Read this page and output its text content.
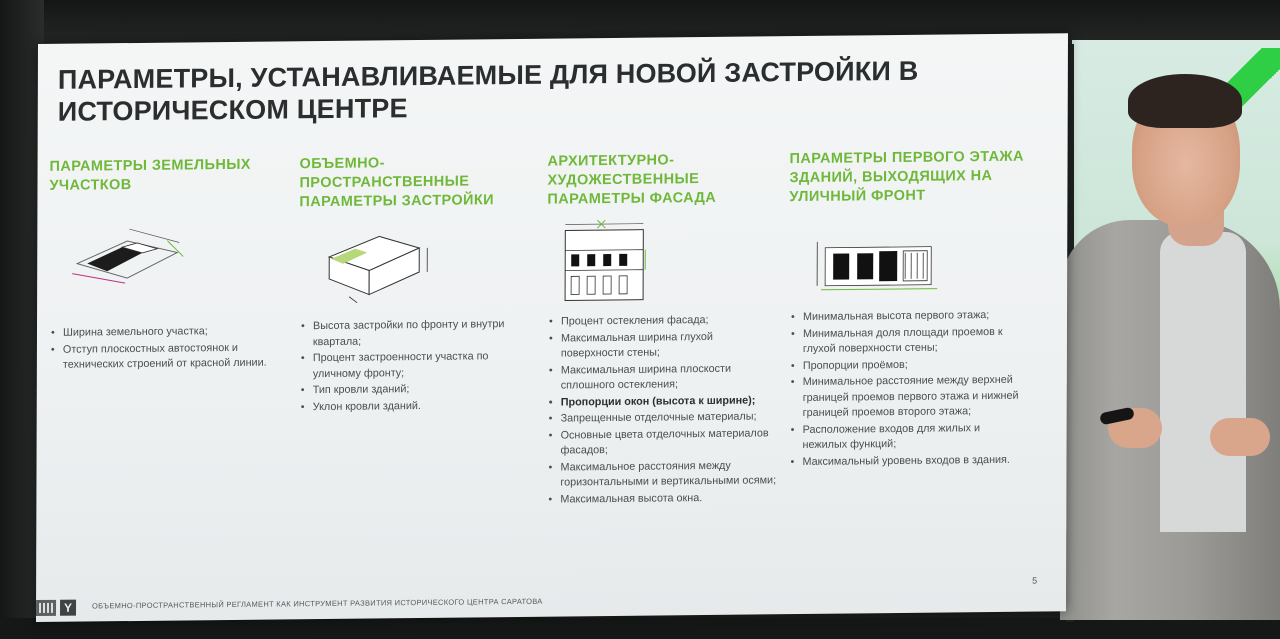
ПАРАМЕТРЫ, УСТАНАВЛИВАЕМЫЕ ДЛЯ НОВОЙ ЗАСТРОЙКИ В ИСТОРИЧЕСКОМ ЦЕНТРЕ

ПАРАМЕТРЫ ЗЕМЕЛЬНЫХ УЧАСТКОВ

• Ширина земельного участка;
• Отступ плоскостных автостоянок и технических строений от красной линии.

ОБЪЕМНО-ПРОСТРАНСТВЕННЫЕ ПАРАМЕТРЫ ЗАСТРОЙКИ

• Высота застройки по фронту и внутри квартала;
• Процент застроенности участка по уличному фронту;
• Тип кровли зданий;
• Уклон кровли зданий.

АРХИТЕКТУРНО-ХУДОЖЕСТВЕННЫЕ ПАРАМЕТРЫ ФАСАДА

• Процент остекления фасада;
• Максимальная ширина глухой поверхности стены;
• Максимальная ширина плоскости сплошного остекления;
• Пропорции окон (высота к ширине);
• Запрещенные отделочные материалы;
• Основные цвета отделочных материалов фасадов;
• Максимальное расстояния между горизонтальными и вертикальными осями;
• Максимальная высота окна.

ПАРАМЕТРЫ ПЕРВОГО ЭТАЖА ЗДАНИЙ, ВЫХОДЯЩИХ НА УЛИЧНЫЙ ФРОНТ

• Минимальная высота первого этажа;
• Минимальная доля площади проемов к глухой поверхности стены;
• Пропорции проёмов;
• Минимальное расстояние между верхней границей проемов первого этажа и нижней границей проемов второго этажа;
• Расположение входов для жилых и нежилых функций;
• Максимальный уровень входов в здания.
Y	ОБЪЕМНО-ПРОСТРАНСТВЕННЫЙ РЕГЛАМЕНТ КАК ИНСТРУМЕНТ РАЗВИТИЯ ИСТОРИЧЕСКОГО ЦЕНТРА САРАТОВА
5
